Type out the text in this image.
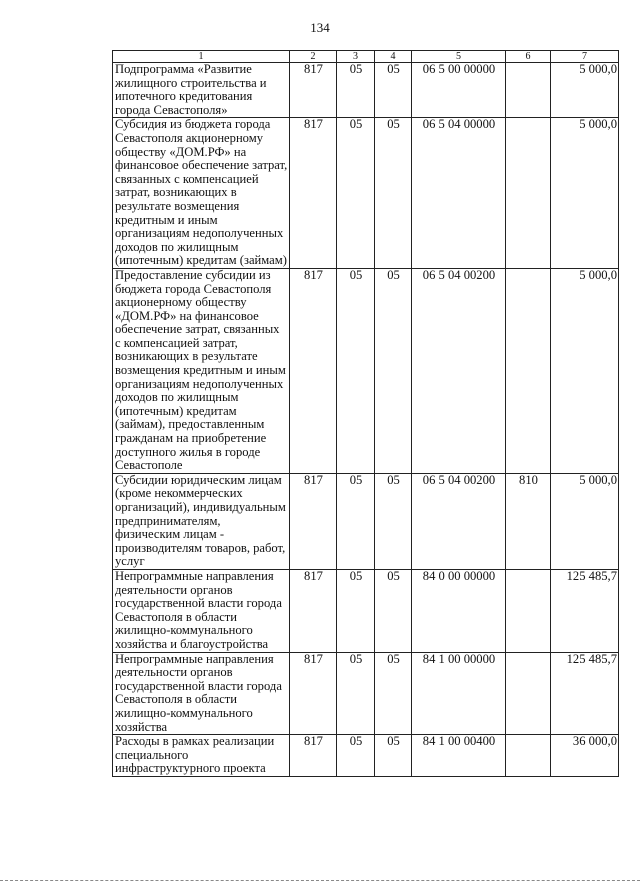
134
1	2	3	4	5	6	7
Подпрограмма «Развитие жилищного строительства и ипотечного кредитования города Севастополя»	817	05	05	06 5 00 00000		5 000,0
Субсидия из бюджета города Севастополя акционерному обществу «ДОМ.РФ» на финансовое обеспечение затрат, связанных с компенсацией затрат, возникающих в результате возмещения кредитным и иным организациям недополученных доходов по жилищным (ипотечным) кредитам (займам)	817	05	05	06 5 04 00000		5 000,0
Предоставление субсидии из бюджета города Севастополя акционерному обществу «ДОМ.РФ» на финансовое обеспечение затрат, связанных с компенсацией затрат, возникающих в результате возмещения кредитным и иным организациям недополученных доходов по жилищным (ипотечным) кредитам (займам), предоставленным гражданам на приобретение доступного жилья в городе Севастополе	817	05	05	06 5 04 00200		5 000,0
Субсидии юридическим лицам (кроме некоммерческих организаций), индивидуальным предпринимателям, физическим лицам - производителям товаров, работ, услуг	817	05	05	06 5 04 00200	810	5 000,0
Непрограммные направления деятельности органов государственной власти города Севастополя в области жилищно-коммунального хозяйства и благоустройства	817	05	05	84 0 00 00000		125 485,7
Непрограммные направления деятельности органов государственной власти города Севастополя в области жилищно-коммунального хозяйства	817	05	05	84 1 00 00000		125 485,7
Расходы в рамках реализации специального инфраструктурного проекта	817	05	05	84 1 00 00400		36 000,0
